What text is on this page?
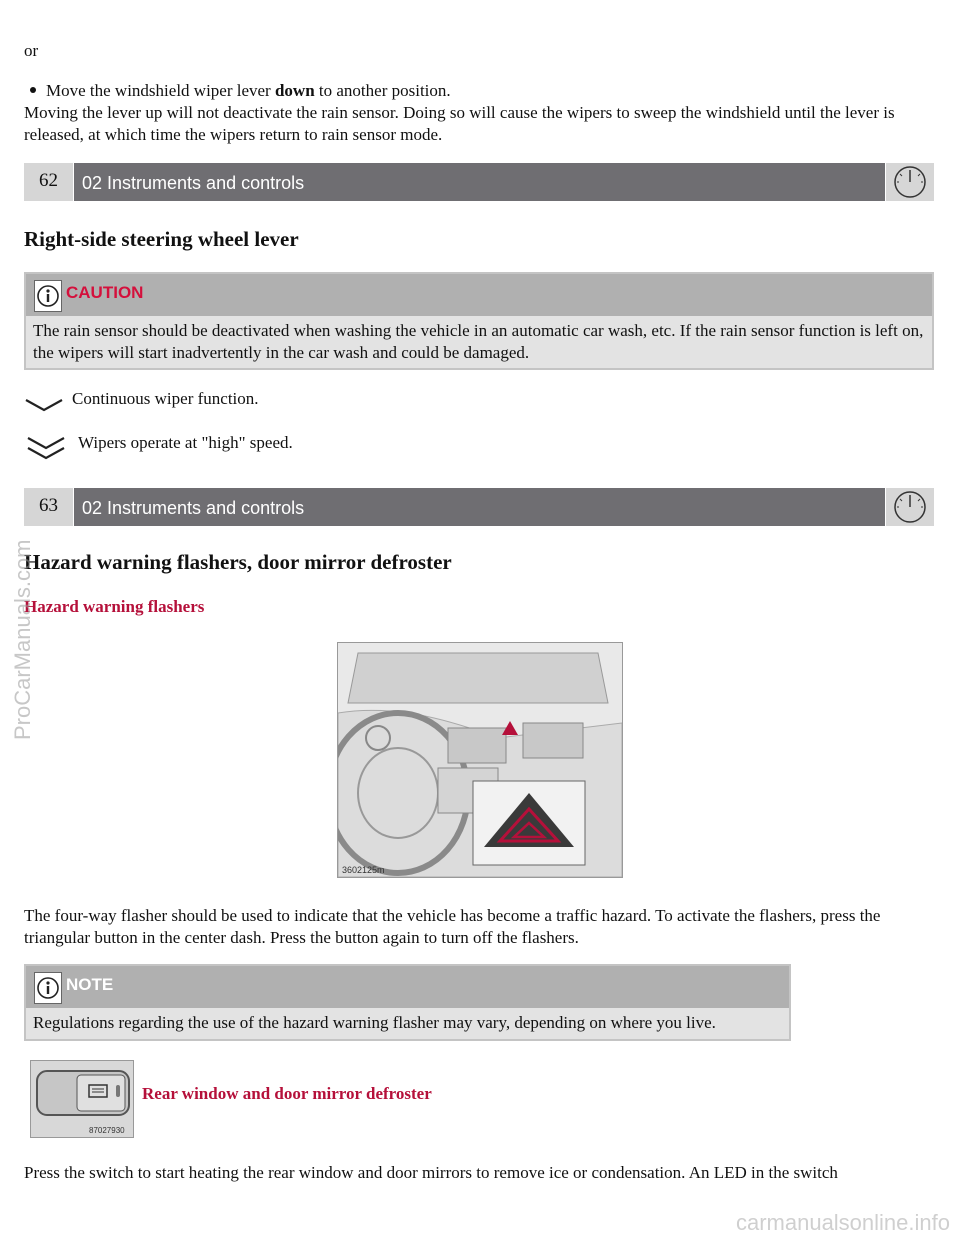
or

Move the windshield wiper lever down to another position.

Moving the lever up will not deactivate the rain sensor. Doing so will cause the wipers to sweep the windshield until the lever is released, at which time the wipers return to rain sensor mode.

62	02 Instruments and controls
Right-side steering wheel lever
CAUTION
The rain sensor should be deactivated when washing the vehicle in an automatic car wash, etc. If the rain sensor function is left on, the wipers will start inadvertently in the car wash and could be damaged.
Continuous wiper function.
Wipers operate at "high" speed.
63	02 Instruments and controls
Hazard warning flashers, door mirror defroster
Hazard warning flashers
3602125m

The four-way flasher should be used to indicate that the vehicle has become a traffic hazard. To activate the flashers, press the triangular button in the center dash. Press the button again to turn off the flashers.

NOTE
Regulations regarding the use of the hazard warning flasher may vary, depending on where you live.
87027930
Rear window and door mirror defroster

Press the switch to start heating the rear window and door mirrors to remove ice or condensation. An LED in the switch

ProCarManuals.com
carmanualsonline.info
